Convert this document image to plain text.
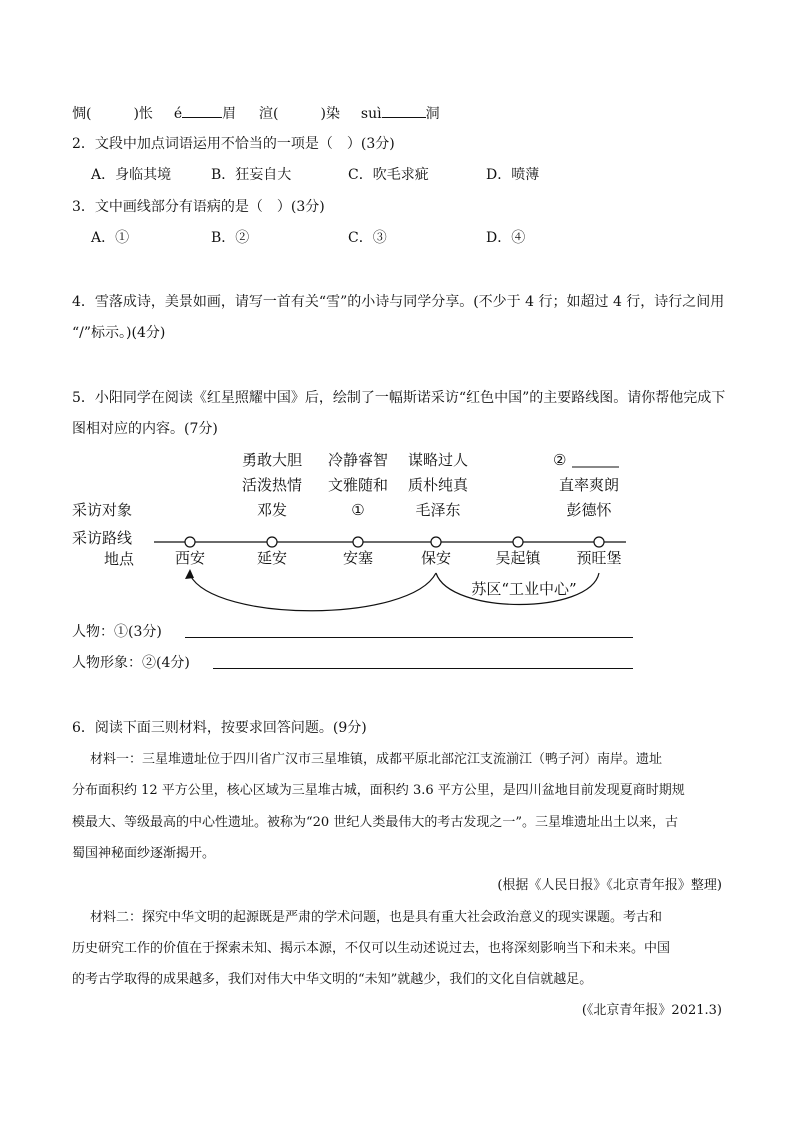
惆(	)怅 é	眉 渲(	)染 suì	洞
2．文段中加点词语运用不恰当的一项是（　）(3分)
A．身临其境	B．狂妄自大	C．吹毛求疵	D．喷薄
3．文中画线部分有语病的是（　）(3分)
A．①	B．②	C．③	D．④
4．雪落成诗，美景如画，请写一首有关“雪”的小诗与同学分享。(不少于 4 行；如超过 4 行，诗行之间用
“/”标示。)(4分)
5．小阳同学在阅读《红星照耀中国》后，绘制了一幅斯诺采访“红色中国”的主要路线图。请你帮他完成下
图相对应的内容。(7分)
采访对象
采访路线
地点
勇敢大胆 冷静睿智 谋略过人	②
活泼热情 文雅随和 质朴纯真	直率爽朗
邓发	①	毛泽东	彭德怀
西安	延安	安塞	保安	吴起镇 预旺堡
苏区“工业中心”
人物：①(3分)
人物形象：②(4分)
6．阅读下面三则材料，按要求回答问题。(9分)
材料一：三星堆遗址位于四川省广汉市三星堆镇，成都平原北部沱江支流湔江（鸭子河）南岸。遗址
分布面积约 12 平方公里，核心区域为三星堆古城，面积约 3.6 平方公里，是四川盆地目前发现夏商时期规
模最大、等级最高的中心性遗址。被称为“20 世纪人类最伟大的考古发现之一”。三星堆遗址出土以来，古
蜀国神秘面纱逐渐揭开。
(根据《人民日报》《北京青年报》整理)
材料二：探究中华文明的起源既是严肃的学术问题，也是具有重大社会政治意义的现实课题。考古和
历史研究工作的价值在于探索未知、揭示本源，不仅可以生动述说过去，也将深刻影响当下和未来。中国
的考古学取得的成果越多，我们对伟大中华文明的“未知”就越少，我们的文化自信就越足。
(《北京青年报》2021.3)
